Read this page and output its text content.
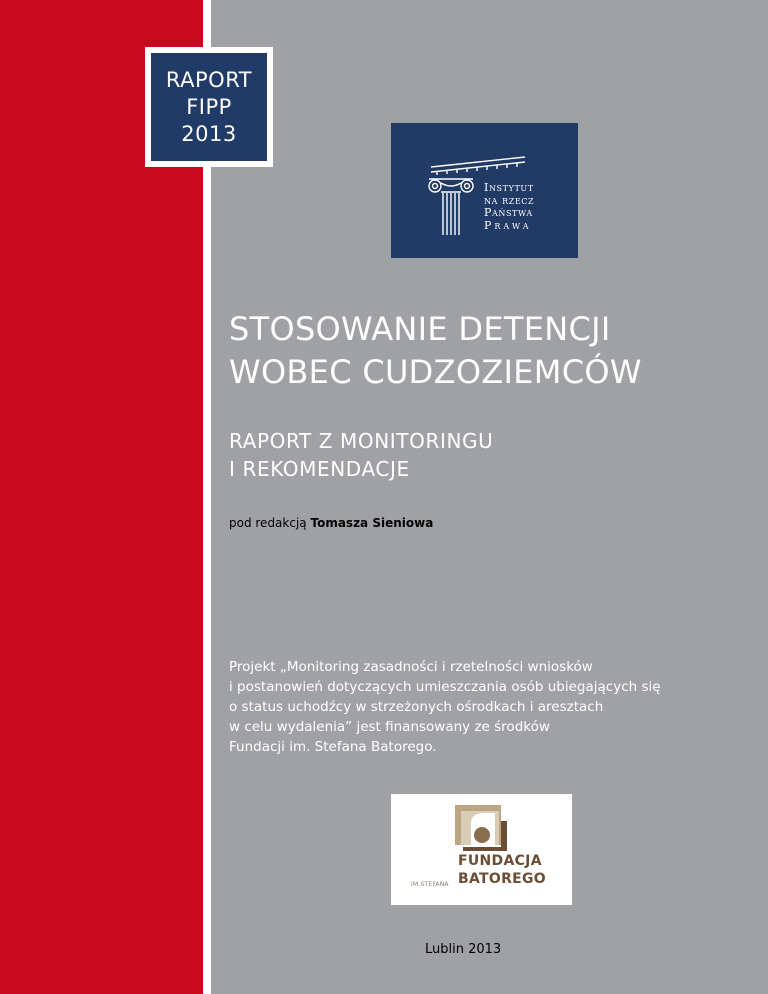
RAPORT
FIPP
2013
Instytut
na rzecz
Państwa
Prawa
STOSOWANIE DETENCJI
WOBEC CUDZOZIEMCÓW
RAPORT Z MONITORINGU
I REKOMENDACJE
pod redakcją Tomasza Sieniowa
Projekt „Monitoring zasadności i rzetelności wniosków
i postanowień dotyczących umieszczania osób ubiegających się
o status uchodźcy w strzeżonych ośrodkach i aresztach
w celu wydalenia” jest finansowany ze środków
Fundacji im. Stefana Batorego.
FUNDACJA
IM.STEFANA BATOREGO
Lublin 2013
